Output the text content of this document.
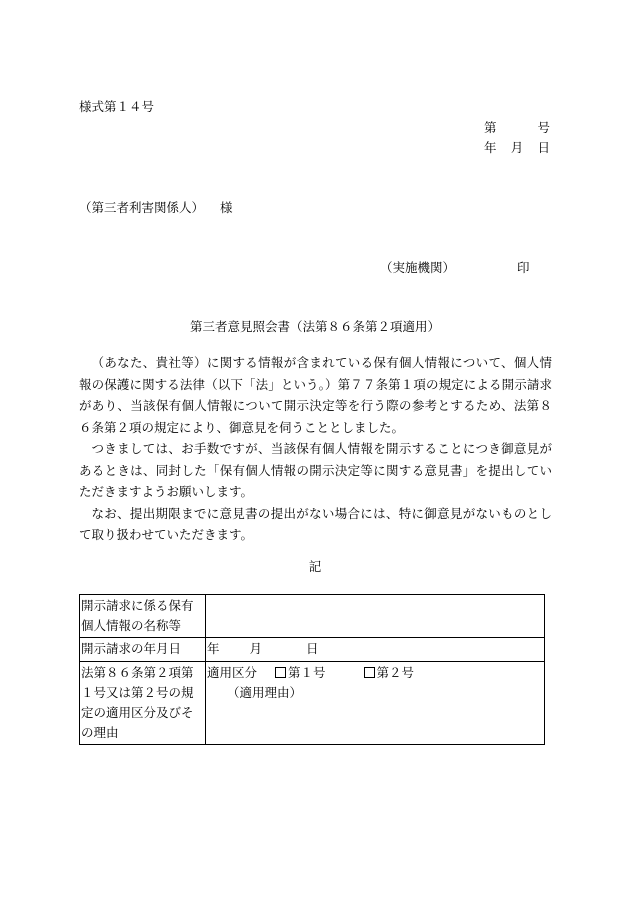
様式第１４号
第	号
年 月 日
（第三者利害関係人） 様
（実施機関）	印
第三者意見照会書（法第８６条第２項適用）

（あなた、貴社等）に関する情報が含まれている保有個人情報について、個人情報の保護に関する法律（以下「法」という。）第７７条第１項の規定による開示請求があり、当該保有個人情報について開示決定等を行う際の参考とするため、法第８６条第２項の規定により、御意見を伺うこととしました。

つきましては、お手数ですが、当該保有個人情報を開示することにつき御意見があるときは、同封した「保有個人情報の開示決定等に関する意見書」を提出していただきますようお願いします。

なお、提出期限までに意見書の提出がない場合には、特に御意見がないものとして取り扱わせていただきます。

記
開示請求に係る保有個人情報の名称等	
開示請求の年月日	年 月 日
法第８６条第２項第１号又は第２号の規定の適用区分及びその理由	適用区分 第１号 第２号
（適用理由）
